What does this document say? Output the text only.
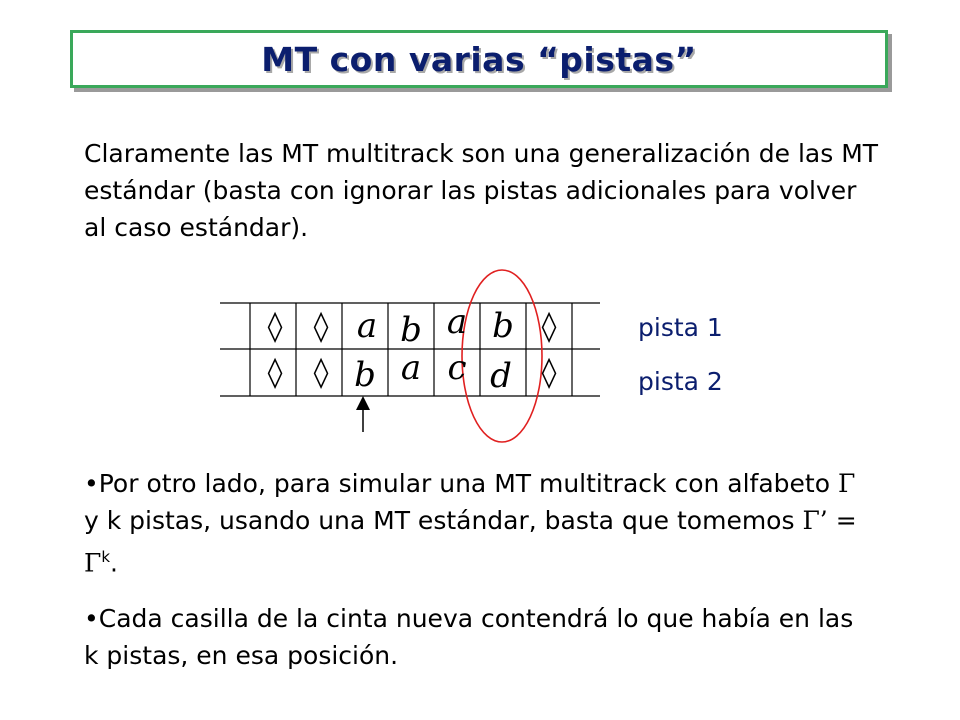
MT con varias “pistas”

Claramente las MT multitrack son una generalización de las MT estándar (basta con ignorar las pistas adicionales para volver al caso estándar).

◊	◊ a b a b ◊
◊	◊ b a c d ◊
pista 1
pista 2

•Por otro lado, para simular una MT multitrack con alfabeto Γ y k pistas, usando una MT estándar, basta que tomemos Γ’ = $\Gamma^k$.

•Cada casilla de la cinta nueva contendrá lo que había en las k pistas, en esa posición.
